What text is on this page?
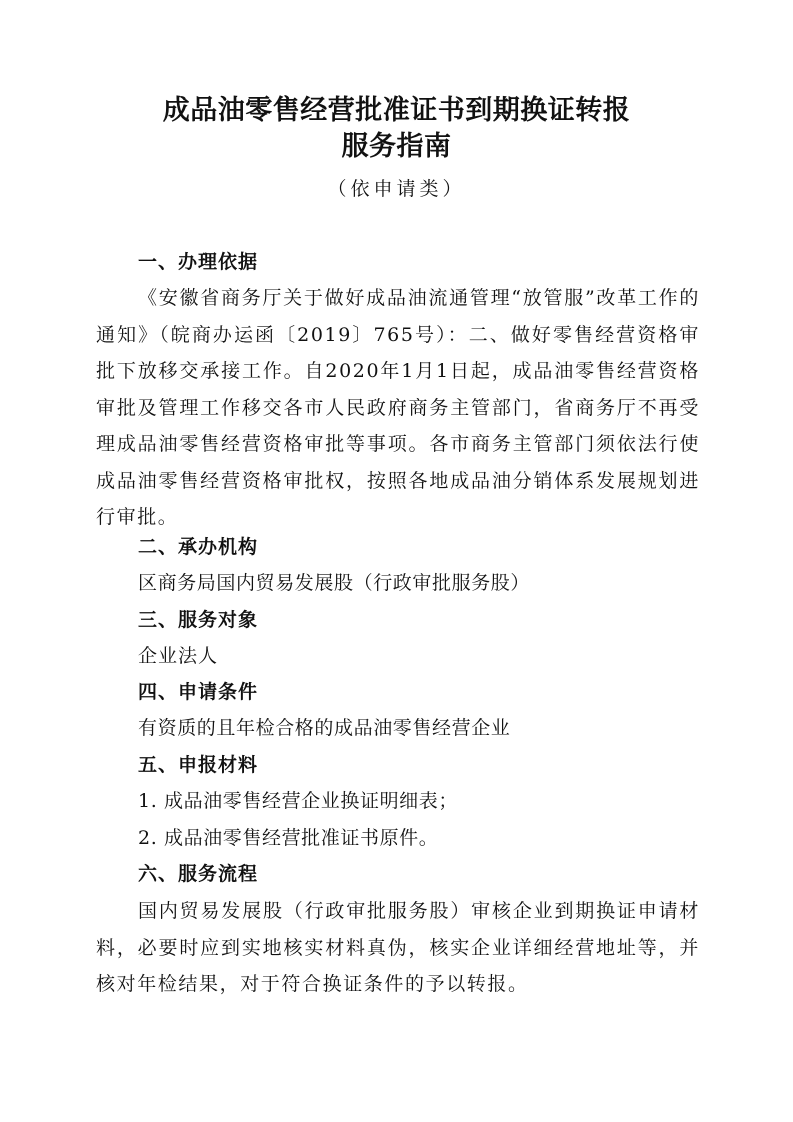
成品油零售经营批准证书到期换证转报
服务指南
（依申请类）
一、办理依据
《安徽省商务厅关于做好成品油流通管理“放管服”改革工作的通知》（皖商办运函〔2019〕765号）：二、做好零售经营资格审批下放移交承接工作。自2020年1月1日起，成品油零售经营资格审批及管理工作移交各市人民政府商务主管部门，省商务厅不再受理成品油零售经营资格审批等事项。各市商务主管部门须依法行使成品油零售经营资格审批权，按照各地成品油分销体系发展规划进行审批。
二、承办机构
区商务局国内贸易发展股（行政审批服务股）
三、服务对象
企业法人
四、申请条件
有资质的且年检合格的成品油零售经营企业
五、申报材料
1. 成品油零售经营企业换证明细表；
2. 成品油零售经营批准证书原件。
六、服务流程
国内贸易发展股（行政审批服务股）审核企业到期换证申请材料，必要时应到实地核实材料真伪，核实企业详细经营地址等，并核对年检结果，对于符合换证条件的予以转报。
